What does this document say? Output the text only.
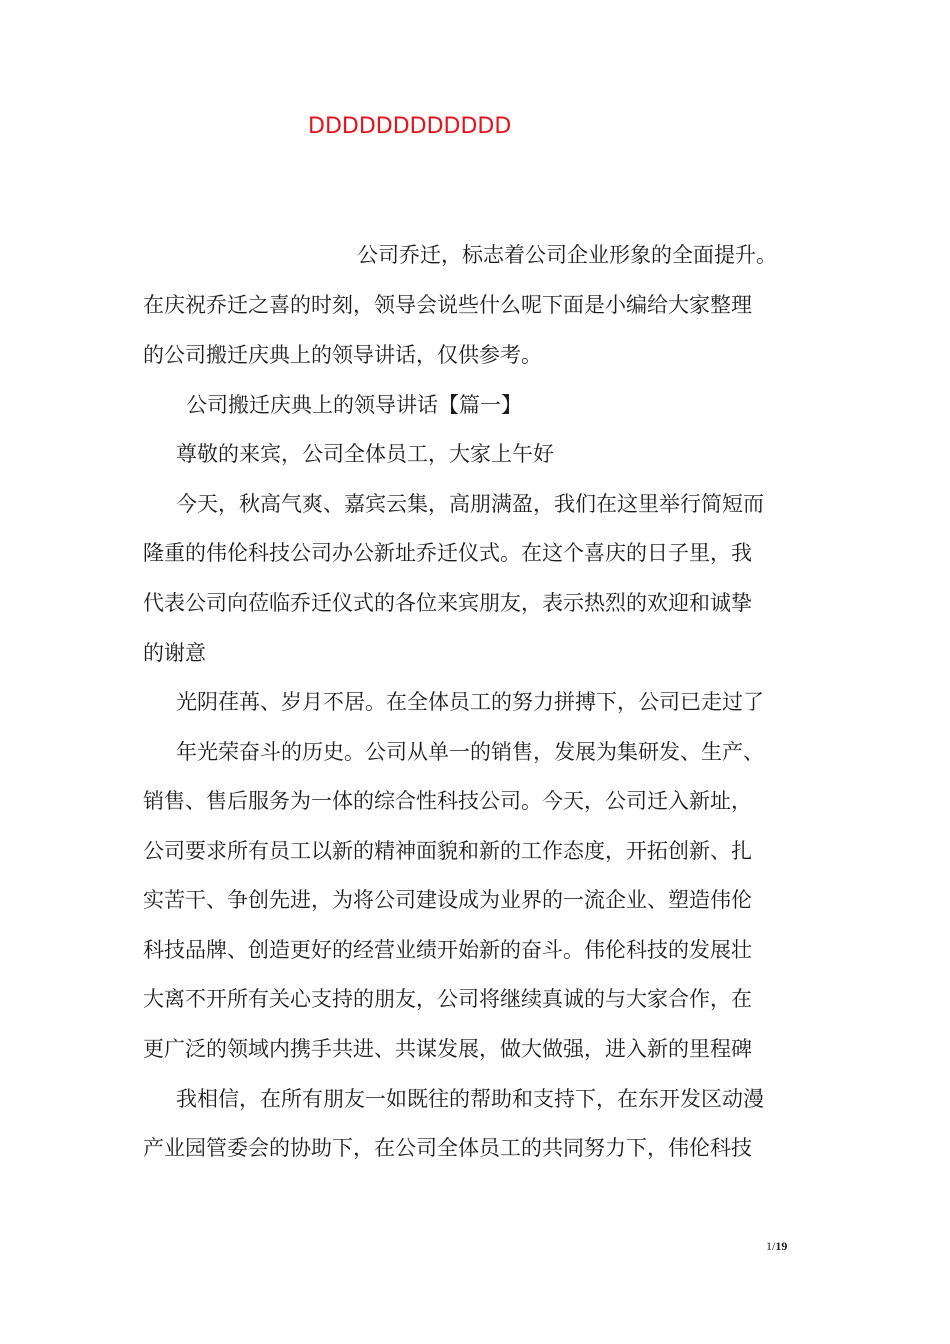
DDDDDDDDDDDD
公司乔迁，标志着公司企业形象的全面提升。
在庆祝乔迁之喜的时刻，领导会说些什么呢下面是小编给大家整理
的公司搬迁庆典上的领导讲话，仅供参考。
公司搬迁庆典上的领导讲话【篇一】
尊敬的来宾，公司全体员工，大家上午好
今天，秋高气爽、嘉宾云集，高朋满盈，我们在这里举行简短而
隆重的伟伦科技公司办公新址乔迁仪式。在这个喜庆的日子里，我
代表公司向莅临乔迁仪式的各位来宾朋友，表示热烈的欢迎和诚挚
的谢意
光阴荏苒、岁月不居。在全体员工的努力拼搏下，公司已走过了
年光荣奋斗的历史。公司从单一的销售，发展为集研发、生产、
销售、售后服务为一体的综合性科技公司。今天，公司迁入新址，
公司要求所有员工以新的精神面貌和新的工作态度，开拓创新、扎
实苦干、争创先进，为将公司建设成为业界的一流企业、塑造伟伦
科技品牌、创造更好的经营业绩开始新的奋斗。伟伦科技的发展壮
大离不开所有关心支持的朋友，公司将继续真诚的与大家合作，在
更广泛的领域内携手共进、共谋发展，做大做强，进入新的里程碑
我相信，在所有朋友一如既往的帮助和支持下，在东开发区动漫
产业园管委会的协助下，在公司全体员工的共同努力下，伟伦科技
1/19
